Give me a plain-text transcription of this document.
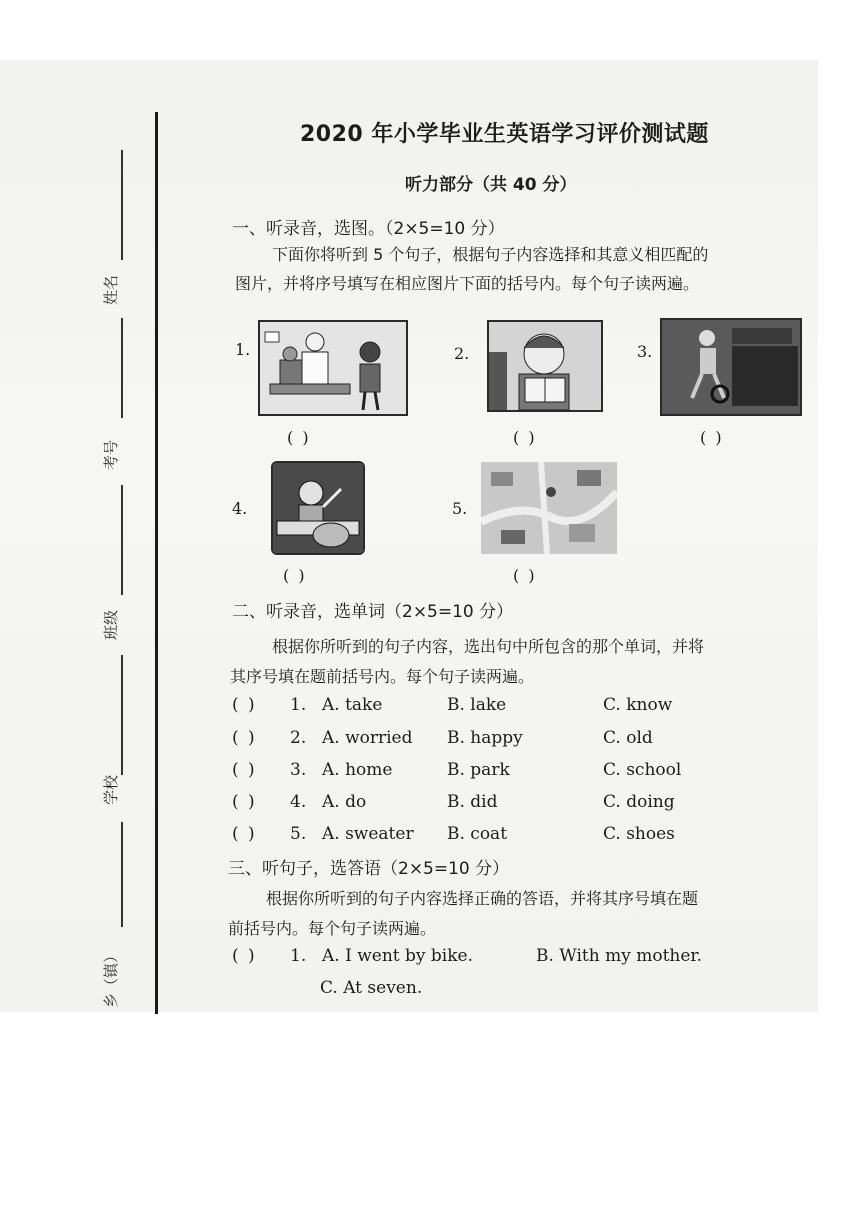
姓名
考号
班级
学校
乡（镇）
2020 年小学毕业生英语学习评价测试题
听力部分（共 40 分）
一、听录音，选图。（2×5=10 分）
下面你将听到 5 个句子，根据句子内容选择和其意义相匹配的
图片，并将序号填写在相应图片下面的括号内。每个句子读两遍。
1.
( )
2.
( )
3.
( )
4.
( )
5.
( )
二、听录音，选单词（2×5=10 分）
根据你所听到的句子内容，选出句中所包含的那个单词，并将
其序号填在题前括号内。每个句子读两遍。
( ) 1. A. take	B. lake	C. know
( ) 2. A. worried B. happy	C. old
( ) 3. A. home	B. park	C. school
( ) 4. A. do	B. did	C. doing
( ) 5. A. sweater B. coat	C. shoes
三、听句子，选答语（2×5=10 分）
根据你所听到的句子内容选择正确的答语，并将其序号填在题
前括号内。每个句子读两遍。
( ) 1. A. I went by bike.	B. With my mother.
C. At seven.
